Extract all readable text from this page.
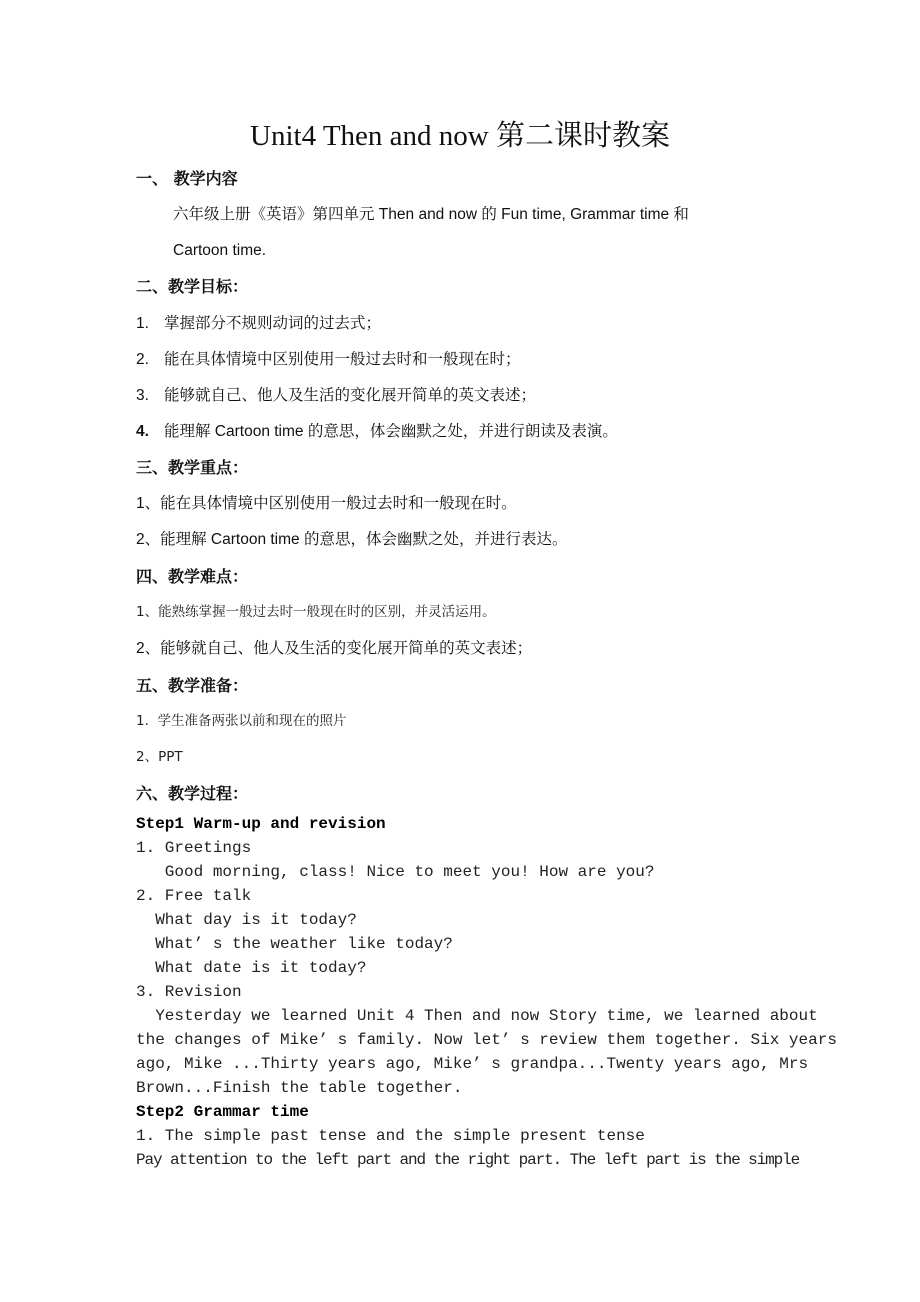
Unit4 Then and now 第二课时教案
一、 教学内容
六年级上册《英语》第四单元 Then and now 的 Fun time, Grammar time 和
Cartoon time.
二、教学目标：
1. 掌握部分不规则动词的过去式；
2. 能在具体情境中区别使用一般过去时和一般现在时；
3. 能够就自己、他人及生活的变化展开简单的英文表述；
4. 能理解 Cartoon time 的意思，体会幽默之处，并进行朗读及表演。
三、教学重点：
1、能在具体情境中区别使用一般过去时和一般现在时。
2、能理解 Cartoon time 的意思，体会幽默之处，并进行表达。
四、教学难点：
1、能熟练掌握一般过去时一般现在时的区别，并灵活运用。
2、能够就自己、他人及生活的变化展开简单的英文表述；
五、教学准备：
1.  学生准备两张以前和现在的照片
2、PPT
六、教学过程：
Step1 Warm-up and revision
1. Greetings
Good morning, class! Nice to meet you! How are you?
2. Free talk
What day is it today?
What’ s the weather like today?
What date is it today?
3. Revision
Yesterday we learned Unit 4 Then and now Story time, we learned about
the changes of Mike’ s family. Now let’ s review them together. Six years
ago, Mike ...Thirty years ago, Mike’ s grandpa...Twenty years ago, Mrs
Brown...Finish the table together.
Step2 Grammar time
1. The simple past tense and the simple present tense
Pay attention to the left part and the right part. The left part is the simple
